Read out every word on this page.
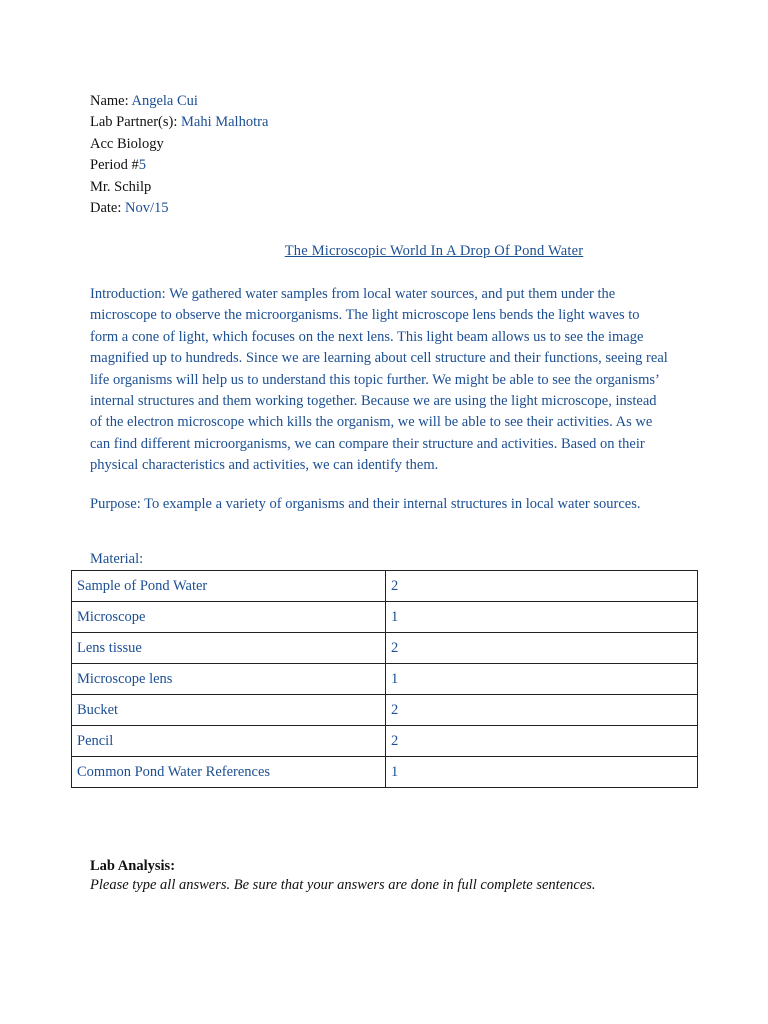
Name: Angela Cui
Lab Partner(s): Mahi Malhotra
Acc Biology
Period #5
Mr. Schilp
Date: Nov/15
The Microscopic World In A Drop Of Pond Water
Introduction: We gathered water samples from local water sources, and put them under the microscope to observe the microorganisms. The light microscope lens bends the light waves to form a cone of light, which focuses on the next lens. This light beam allows us to see the image magnified up to hundreds. Since we are learning about cell structure and their functions, seeing real life organisms will help us to understand this topic further. We might be able to see the organisms’ internal structures and them working together. Because we are using the light microscope, instead of the electron microscope which kills the organism, we will be able to see their activities. As we can find different microorganisms, we can compare their structure and activities. Based on their physical characteristics and activities, we can identify them.
Purpose: To example a variety of organisms and their internal structures in local water sources.
Material:
Sample of Pond Water	2
Microscope	1
Lens tissue	2
Microscope lens	1
Bucket	2
Pencil	2
Common Pond Water References	1
Lab Analysis:
Please type all answers. Be sure that your answers are done in full complete sentences.
